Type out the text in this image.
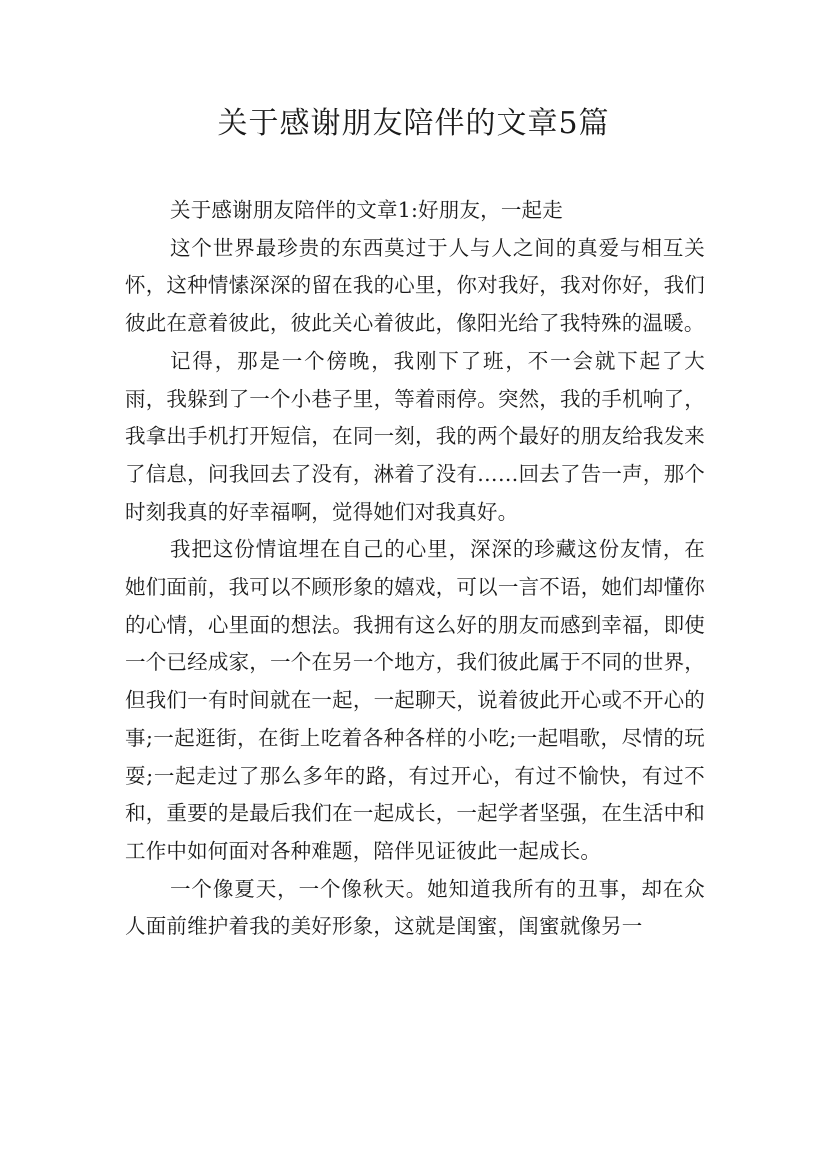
关于感谢朋友陪伴的文章5篇

关于感谢朋友陪伴的文章1:好朋友，一起走

这个世界最珍贵的东西莫过于人与人之间的真爱与相互关怀，这种情愫深深的留在我的心里，你对我好，我对你好，我们彼此在意着彼此，彼此关心着彼此，像阳光给了我特殊的温暖。

记得，那是一个傍晚，我刚下了班，不一会就下起了大雨，我躲到了一个小巷子里，等着雨停。突然，我的手机响了，我拿出手机打开短信，在同一刻，我的两个最好的朋友给我发来了信息，问我回去了没有，淋着了没有……回去了告一声，那个时刻我真的好幸福啊，觉得她们对我真好。

我把这份情谊埋在自己的心里，深深的珍藏这份友情，在她们面前，我可以不顾形象的嬉戏，可以一言不语，她们却懂你的心情，心里面的想法。我拥有这么好的朋友而感到幸福，即使一个已经成家，一个在另一个地方，我们彼此属于不同的世界，但我们一有时间就在一起，一起聊天，说着彼此开心或不开心的事;一起逛街，在街上吃着各种各样的小吃;一起唱歌，尽情的玩耍;一起走过了那么多年的路，有过开心，有过不愉快，有过不和，重要的是最后我们在一起成长，一起学者坚强，在生活中和工作中如何面对各种难题，陪伴见证彼此一起成长。

一个像夏天，一个像秋天。她知道我所有的丑事，却在众人面前维护着我的美好形象，这就是闺蜜，闺蜜就像另一
